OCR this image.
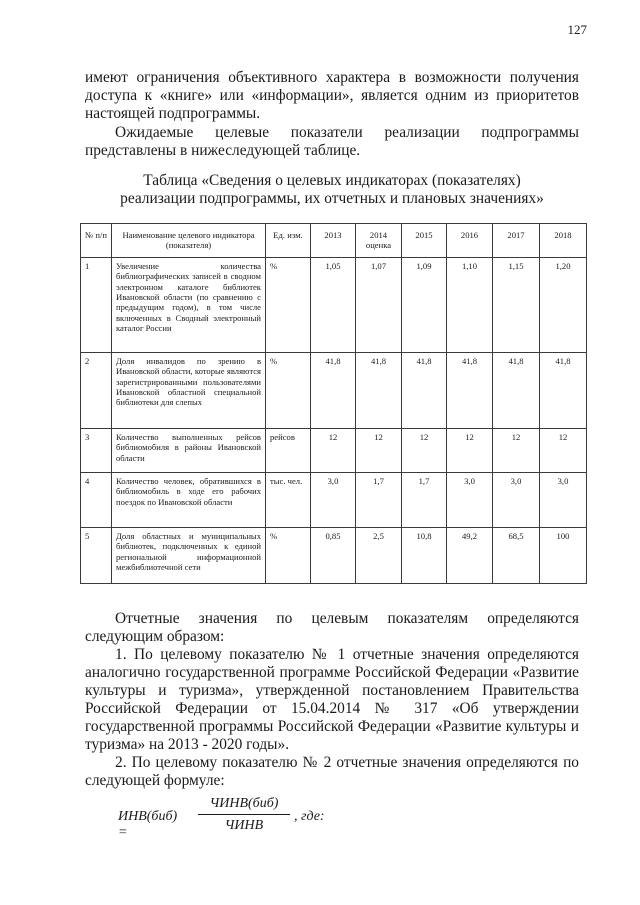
127
имеют ограничения объективного характера в возможности получения
доступа к «книге» или «информации», является одним из приоритетов
настоящей подпрограммы.
Ожидаемые целевые показатели реализации подпрограммы
представлены в нижеследующей таблице.
Таблица «Сведения о целевых индикаторах (показателях)
реализации подпрограммы, их отчетных и плановых значениях»
№ п/п	Наименование целевого индикатора (показателя)	Ед. изм.	2013	2014 оценка	2015	2016	2017	2018
1	Увеличение количества библиографических записей в сводном электронном каталоге библиотек Ивановской области (по сравнению с предыдущим годом), в том числе включенных в Сводный электронный каталог России	%	1,05	1,07	1,09	1,10	1,15	1,20
2	Доля инвалидов по зрению в Ивановской области, которые являются зарегистрированными пользователями Ивановской областной специальной библиотеки для слепых	%	41,8	41,8	41,8	41,8	41,8	41,8
3	Количество выполненных рейсов библиомобиля в районы Ивановской области	рейсов	12	12	12	12	12	12
4	Количество человек, обратившихся в библиомобиль в ходе его рабочих поездок по Ивановской области	тыс. чел.	3,0	1,7	1,7	3,0	3,0	3,0
5	Доля областных и муниципальных библиотек, подключенных к единой региональной информационной межбиблиотечной сети	%	0,85	2,5	10,8	49,2	68,5	100
Отчетные значения по целевым показателям определяются
следующим образом:
1. По целевому показателю № 1 отчетные значения определяются
аналогично государственной программе Российской Федерации «Развитие
культуры и туризма», утвержденной постановлением Правительства
Российской Федерации от 15.04.2014 № 317 «Об утверждении
государственной программы Российской Федерации «Развитие культуры и
туризма» на 2013 - 2020 годы».
2. По целевому показателю № 2 отчетные значения определяются по
следующей формуле:
ИНВ(биб) =
ЧИНВ(биб)
ЧИНВ
, где:
